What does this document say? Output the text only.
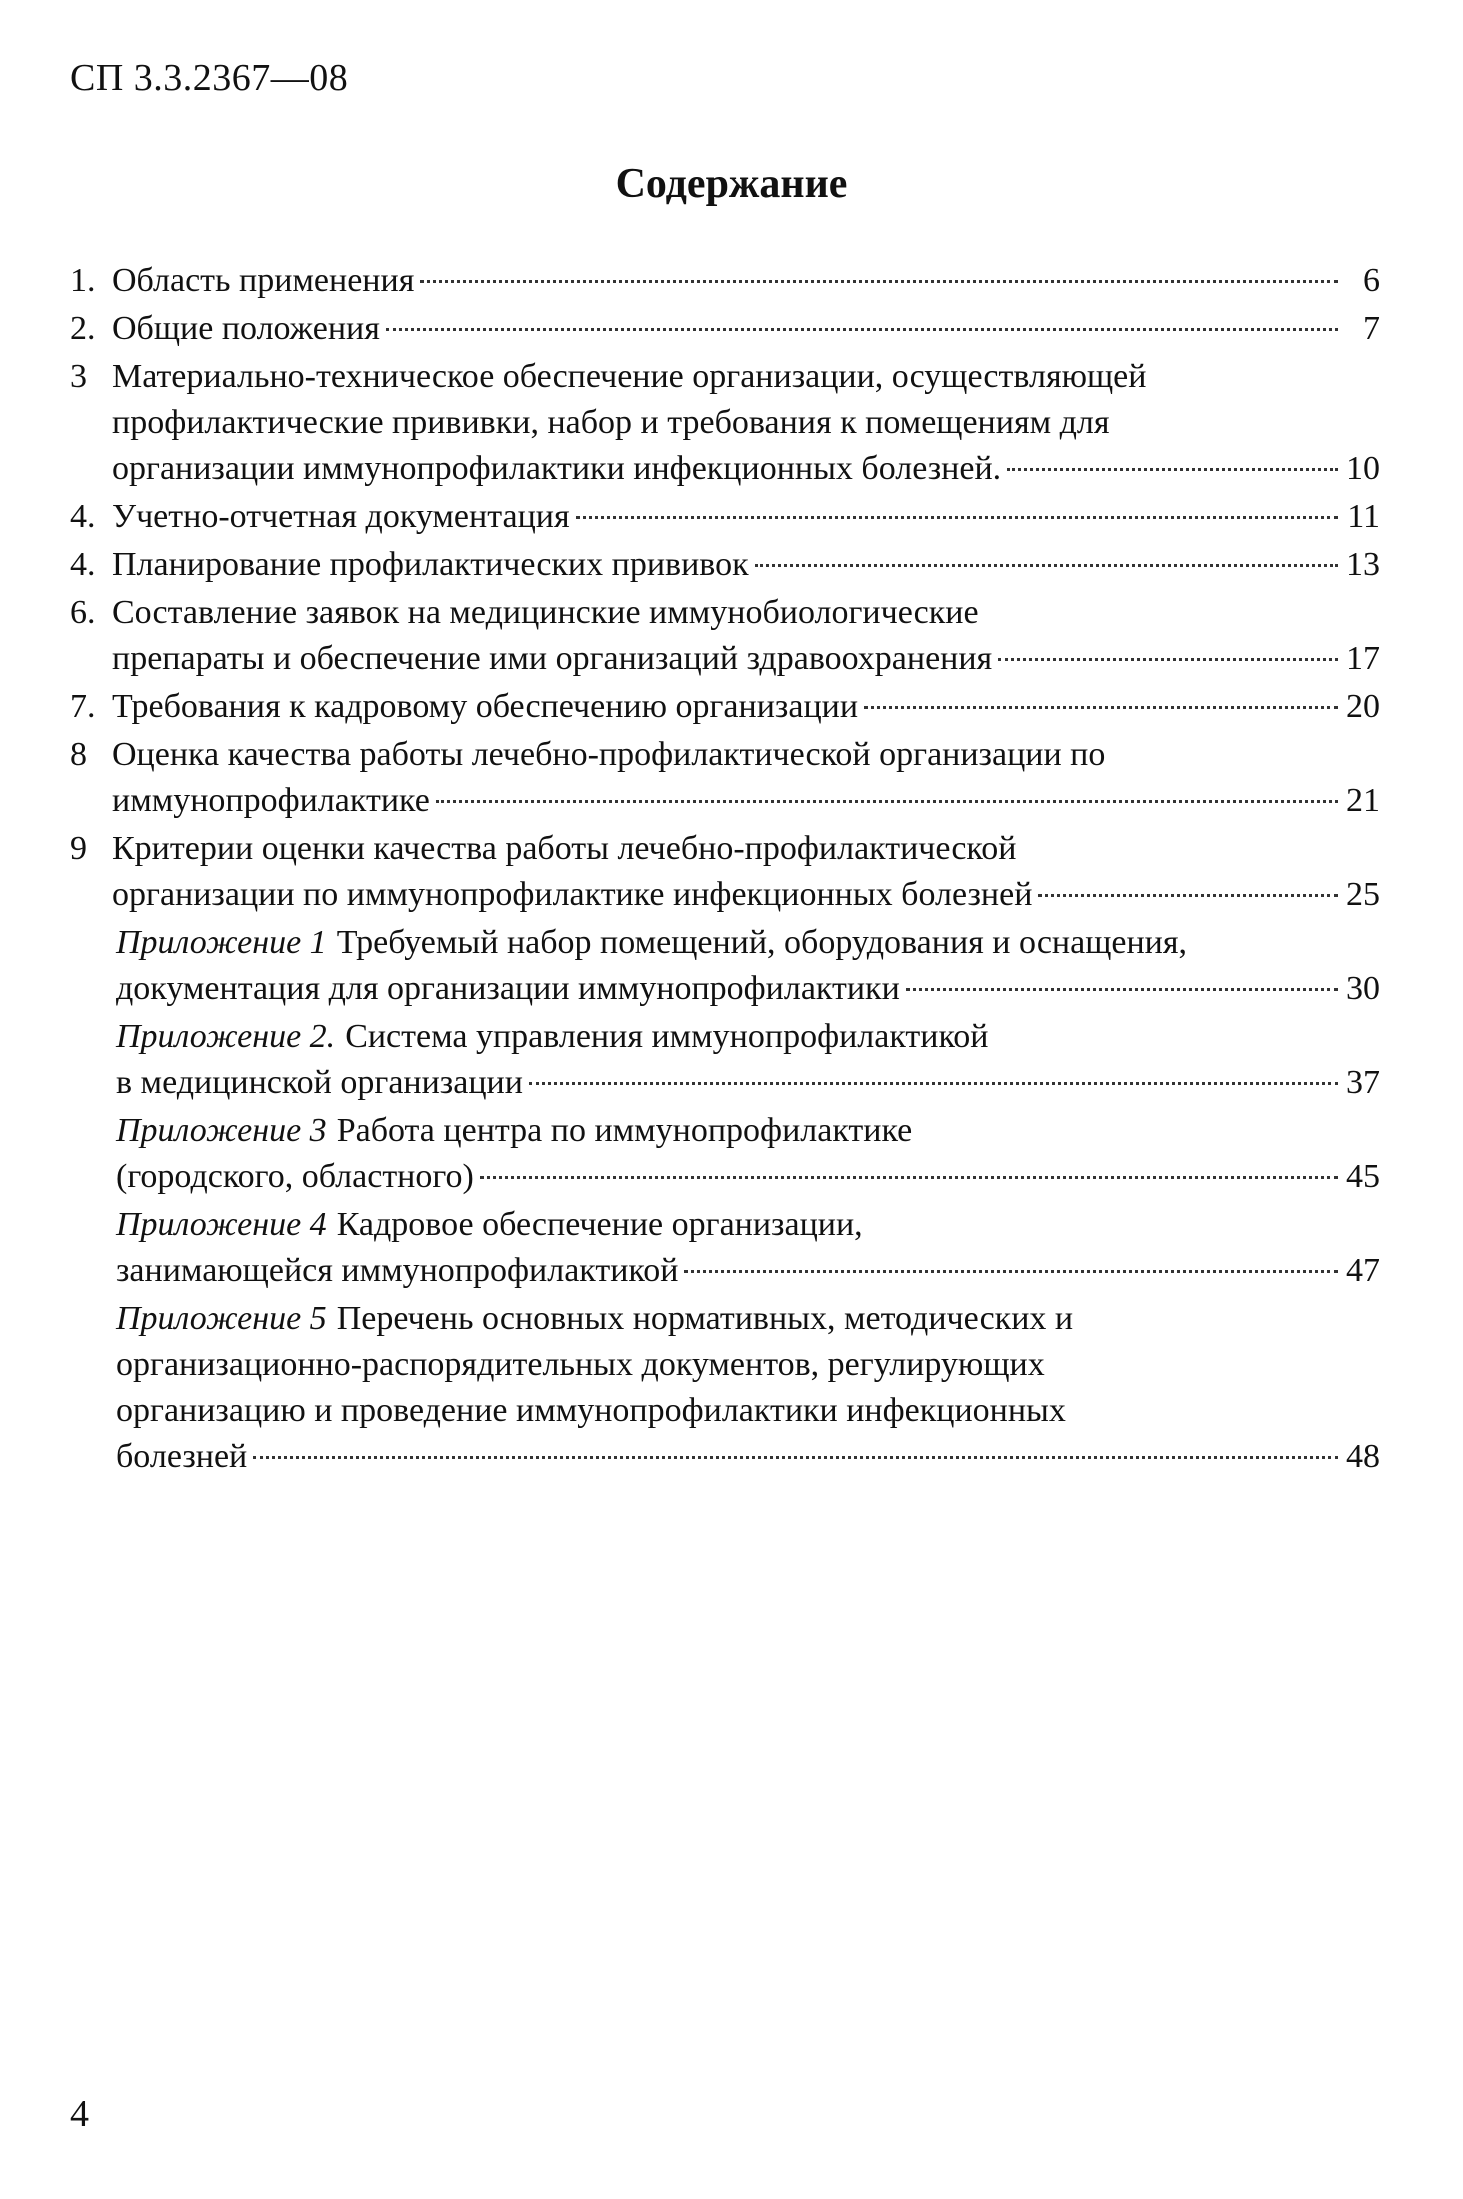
СП 3.3.2367—08
Содержание
1. Область применения	6
2. Общие положения	7
3 Материально-техническое обеспечение организации, осуществляющей
профилактические прививки, набор и требования к помещениям для
организации иммунопрофилактики инфекционных болезней.	10
4. Учетно-отчетная документация	11
4. Планирование профилактических прививок	13
6. Составление заявок на медицинские иммунобиологические
препараты и обеспечение ими организаций здравоохранения	17
7. Требования к кадровому обеспечению организации	20
8 Оценка качества работы лечебно-профилактической организации по
иммунопрофилактике	21
9 Критерии оценки качества работы лечебно-профилактической
организации по иммунопрофилактике инфекционных болезней	25
Приложение 1 Требуемый набор помещений, оборудования и оснащения,
документация для организации иммунопрофилактики	30
Приложение 2. Система управления иммунопрофилактикой
в медицинской организации	37
Приложение 3 Работа центра по иммунопрофилактике
(городского, областного)	45
Приложение 4 Кадровое обеспечение организации,
занимающейся иммунопрофилактикой	47
Приложение 5 Перечень основных нормативных, методических и
организационно-распорядительных документов, регулирующих
организацию и проведение иммунопрофилактики инфекционных
болезней	48
4
